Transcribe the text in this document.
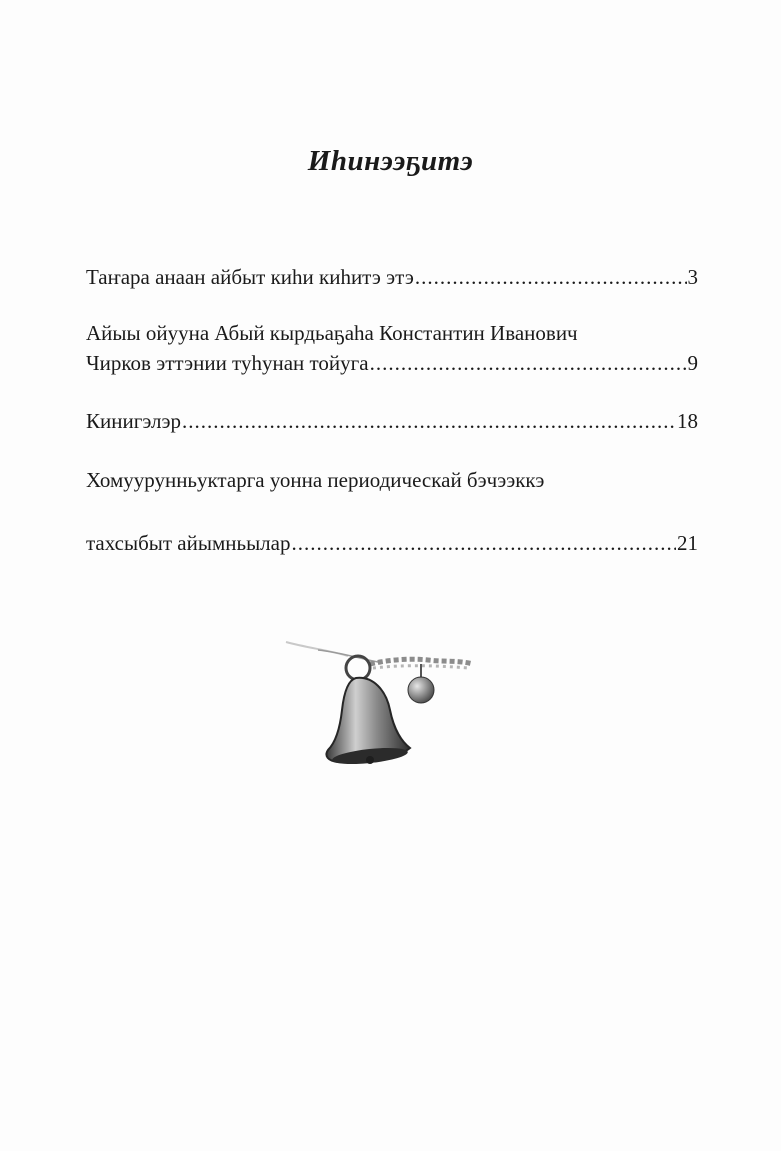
Иhинээҕитэ
Таҥара анаан айбыт киhи киhитэ этэ .....	3
Айыы ойууна Абый кырдьаҕаhа Константин Иванович
Чирков эттэнии туhунан тойуга .....	9
Кинигэлэр .....	18
Хомуурунньуктарга уонна периодическай бэчээккэ
тахсыбыт айымньылар .....	21
